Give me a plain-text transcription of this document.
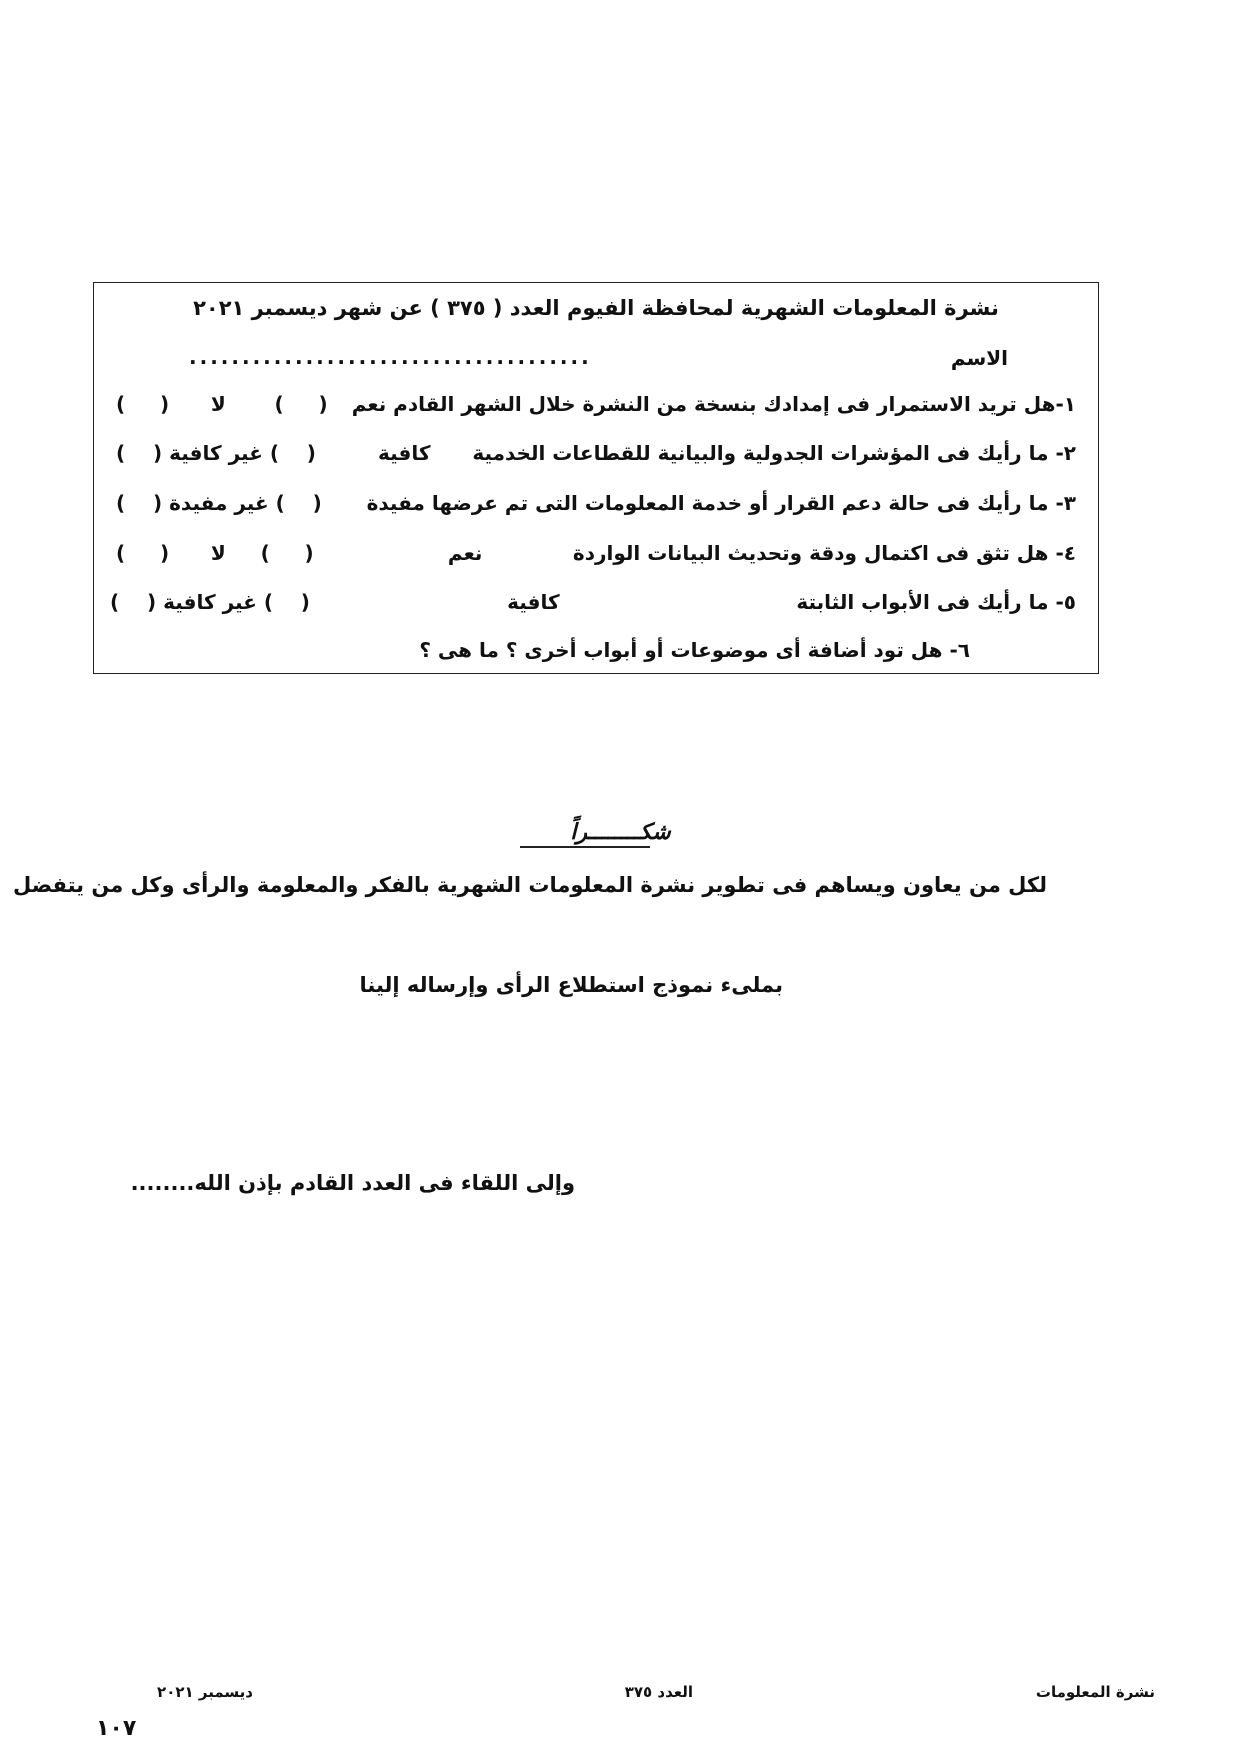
نشرة المعلومات الشهرية لمحافظة الفيوم العدد ( ٣٧٥ ) عن شهر ديسمبر ٢٠٢١
الاسم
......................................
١-هل تريد الاستمرار فى إمدادك بنسخة من النشرة خلال الشهر القادم نعم
(     )       لا      (     )
٢- ما رأيك فى المؤشرات الجدولية والبيانية للقطاعات الخدمية      كافية
(    ) غير كافية (    )
٣- ما رأيك فى حالة دعم القرار أو خدمة المعلومات التى تم عرضها مفيدة
(    ) غير مفيدة (    )
٤- هل تثق فى اكتمال ودقة وتحديث البيانات الواردة             نعم
(     )     لا      (     )
٥- ما رأيك فى الأبواب الثابتة                                  كافية
(    ) غير كافية (    )
٦- هل تود أضافة أى موضوعات أو أبواب أخرى ؟ ما هى ؟
شكــــــــراً
لكل من يعاون ويساهم فى تطوير نشرة المعلومات الشهرية بالفكر والمعلومة والرأى وكل من يتفضل
بملىء نموذج استطلاع الرأى وإرساله إلينا
وإلى اللقاء فى العدد القادم بإذن الله........
نشرة المعلومات
العدد ٣٧٥
ديسمبر ٢٠٢١
١٠٧
